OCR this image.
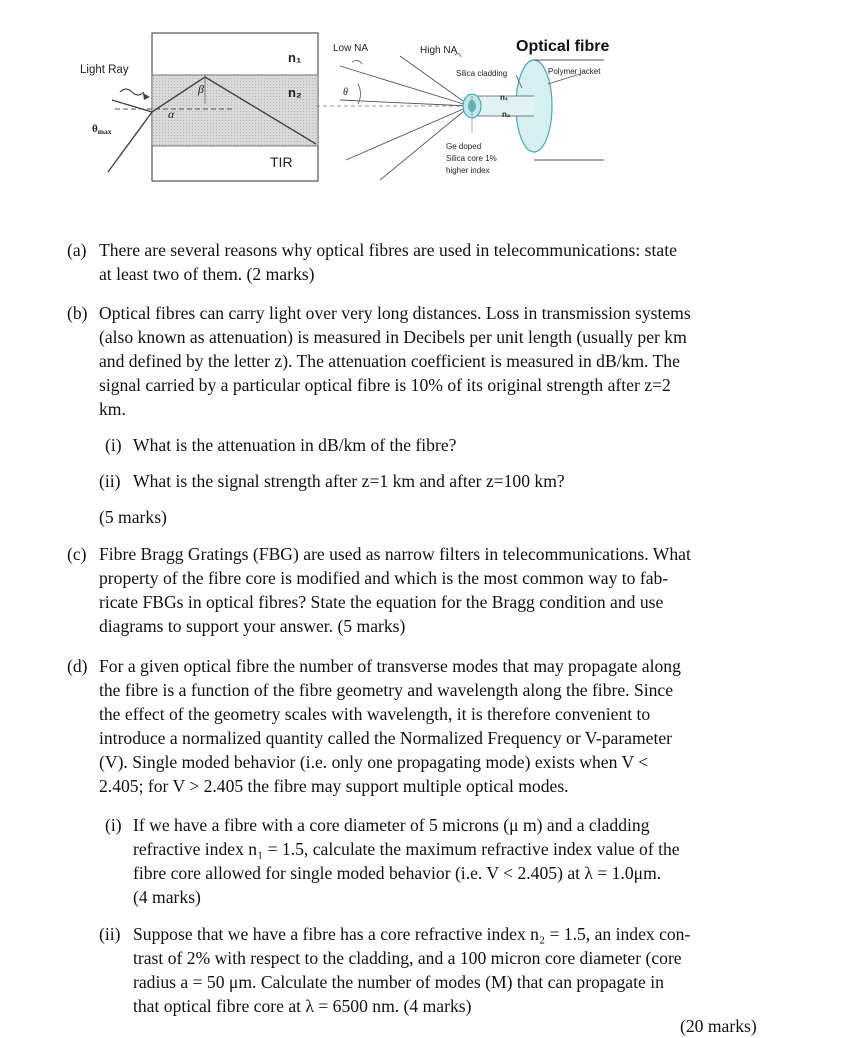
Light Ray
n₁
n₂
α
β
θmax
TIR
Low NA	High NA
θ
Optical fibre
Silica cladding	Polymer jacket
n₁
n₂
Ge doped
Silica core 1%
higher index
(a) There are several reasons why optical fibres are used in telecommunications: state
at least two of them. (2 marks)
(b) Optical fibres can carry light over very long distances. Loss in transmission systems
(also known as attenuation) is measured in Decibels per unit length (usually per km
and defined by the letter z). The attenuation coefficient is measured in dB/km. The
signal carried by a particular optical fibre is 10% of its original strength after z=2
km.
(i) What is the attenuation in dB/km of the fibre?
(ii) What is the signal strength after z=1 km and after z=100 km?
(5 marks)
(c) Fibre Bragg Gratings (FBG) are used as narrow filters in telecommunications. What
property of the fibre core is modified and which is the most common way to fab-
ricate FBGs in optical fibres? State the equation for the Bragg condition and use
diagrams to support your answer. (5 marks)
(d) For a given optical fibre the number of transverse modes that may propagate along
the fibre is a function of the fibre geometry and wavelength along the fibre. Since
the effect of the geometry scales with wavelength, it is therefore convenient to
introduce a normalized quantity called the Normalized Frequency or V-parameter
(V). Single moded behavior (i.e. only one propagating mode) exists when V <
2.405; for V > 2.405 the fibre may support multiple optical modes.
(i) If we have a fibre with a core diameter of 5 microns (μ m) and a cladding
refractive index n₁ = 1.5, calculate the maximum refractive index value of the
fibre core allowed for single moded behavior (i.e. V < 2.405) at λ = 1.0μm.
(4 marks)
(ii) Suppose that we have a fibre has a core refractive index n₂ = 1.5, an index con-
trast of 2% with respect to the cladding, and a 100 micron core diameter (core
radius a = 50 μm. Calculate the number of modes (M) that can propagate in
that optical fibre core at λ = 6500 nm. (4 marks)
(20 marks)
